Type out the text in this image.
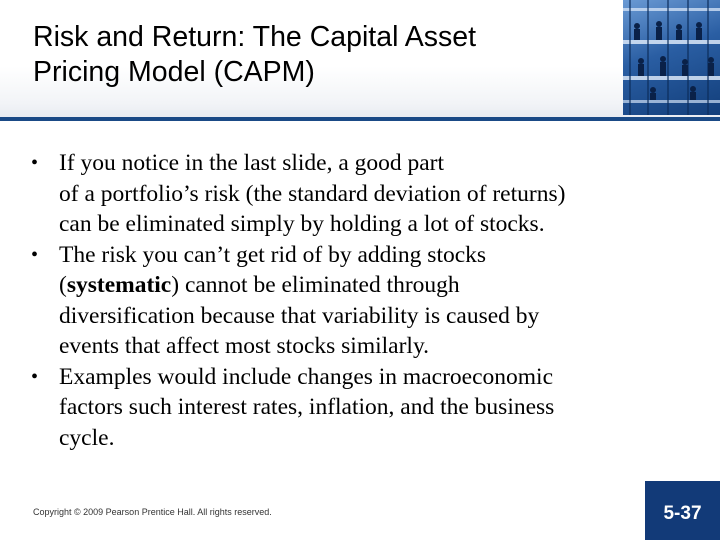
Risk and Return: The Capital Asset
Pricing Model (CAPM)

• If you notice in the last slide, a good part
of a portfolio’s risk (the standard deviation of returns)
can be eliminated simply by holding a lot of stocks.

• The risk you can’t get rid of by adding stocks
(systematic) cannot be eliminated through
diversification because that variability is caused by
events that affect most stocks similarly.

• Examples would include changes in macroeconomic
factors such interest rates, inflation, and the business
cycle.

Copyright © 2009 Pearson Prentice Hall. All rights reserved.	5-37
